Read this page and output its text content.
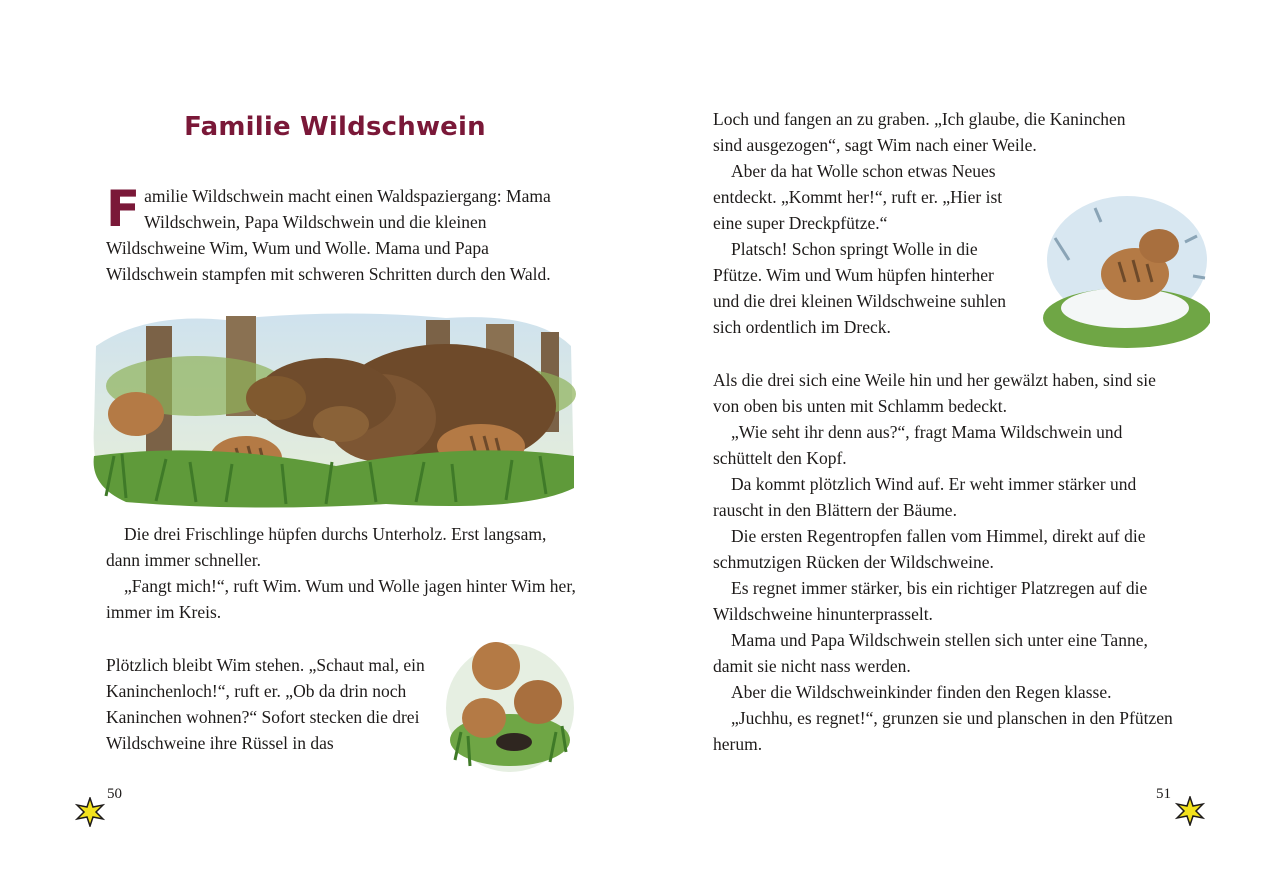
Familie Wildschwein
Familie Wildschwein macht einen Waldspaziergang: Mama Wildschwein, Papa Wildschwein und die kleinen Wildschweine Wim, Wum und Wolle. Mama und Papa Wildschwein stampfen mit schweren Schritten durch den Wald.

Die drei Frischlinge hüpfen durchs Unterholz. Erst langsam, dann immer schneller.

„Fangt mich!“, ruft Wim. Wum und Wolle jagen hinter Wim her, immer im Kreis.

Plötzlich bleibt Wim stehen. „Schaut mal, ein Kaninchenloch!“, ruft er. „Ob da drin noch Kaninchen wohnen?“ Sofort stecken die drei Wildschweine ihre Rüssel in das

50

Loch und fangen an zu graben. „Ich glaube, die Kaninchen sind ausgezogen“, sagt Wim nach einer Weile.

Aber da hat Wolle schon etwas Neues entdeckt. „Kommt her!“, ruft er. „Hier ist eine super Dreckpfütze.“

Platsch! Schon springt Wolle in die Pfütze. Wim und Wum hüpfen hinterher und die drei kleinen Wildschweine suhlen sich ordentlich im Dreck.

Als die drei sich eine Weile hin und her gewälzt haben, sind sie von oben bis unten mit Schlamm bedeckt.

„Wie seht ihr denn aus?“, fragt Mama Wildschwein und schüttelt den Kopf.

Da kommt plötzlich Wind auf. Er weht immer stärker und rauscht in den Blättern der Bäume.

Die ersten Regentropfen fallen vom Himmel, direkt auf die schmutzigen Rücken der Wildschweine.

Es regnet immer stärker, bis ein richtiger Platzregen auf die Wildschweine hinunterprasselt.

Mama und Papa Wildschwein stellen sich unter eine Tanne, damit sie nicht nass werden.

Aber die Wildschweinkinder finden den Regen klasse.

„Juchhu, es regnet!“, grunzen sie und planschen in den Pfützen herum.

51
